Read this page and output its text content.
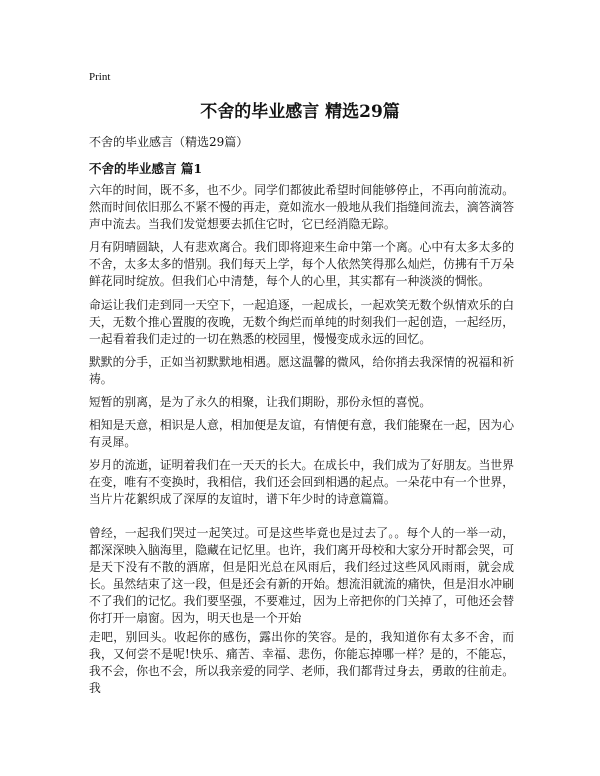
Print
不舍的毕业感言 精选29篇
不舍的毕业感言（精选29篇）
不舍的毕业感言 篇1

六年的时间，既不多，也不少。同学们都彼此希望时间能够停止，不再向前流动。然而时间依旧那么不紧不慢的再走，竟如流水一般地从我们指缝间流去，滴答滴答声中流去。当我们发觉想要去抓住它时，它已经消隐无踪。

月有阴晴圆缺，人有悲欢离合。我们即将迎来生命中第一个离。心中有太多太多的不舍，太多太多的惜别。我们每天上学，每个人依然笑得那么灿烂，仿拂有千万朵鲜花同时绽放。但我们心中清楚，每个人的心里，其实都有一种淡淡的惆怅。

命运让我们走到同一天空下，一起追逐，一起成长，一起欢笑无数个纵情欢乐的白天，无数个推心置腹的夜晚，无数个绚烂而单纯的时刻我们一起创造，一起经历，一起看着我们走过的一切在熟悉的校园里，慢慢变成永远的回忆。

默默的分手，正如当初默默地相遇。愿这温馨的微风，给你捎去我深情的祝福和祈祷。

短暂的别离，是为了永久的相聚，让我们期盼，那份永恒的喜悦。

相知是天意，相识是人意，相加便是友谊，有情便有意，我们能聚在一起，因为心有灵犀。

岁月的流逝，证明着我们在一天天的长大。在成长中，我们成为了好朋友。当世界在变，唯有不变换时，我相信，我们还会回到相遇的起点。一朵花中有一个世界，当片片花絮织成了深厚的友谊时，谱下年少时的诗意篇篇。

曾经，一起我们哭过一起笑过。可是这些毕竟也是过去了。。每个人的一举一动，都深深映入脑海里，隐藏在记忆里。也许，我们离开母校和大家分开时都会哭，可是天下没有不散的酒席，但是阳光总在风雨后，我们经过这些风风雨雨，就会成长。虽然结束了这一段，但是还会有新的开始。想流泪就流的痛快，但是泪水冲刷不了我们的记忆。我们要坚强，不要难过，因为上帝把你的门关掉了，可他还会替你打开一扇窗。因为，明天也是一个开始

走吧，别回头。收起你的感伤，露出你的笑容。是的，我知道你有太多不舍，而我，又何尝不是呢!快乐、痛苦、幸福、悲伤，你能忘掉哪一样？是的，不能忘，我不会，你也不会，所以我亲爱的同学、老师，我们都背过身去，勇敢的往前走。我
